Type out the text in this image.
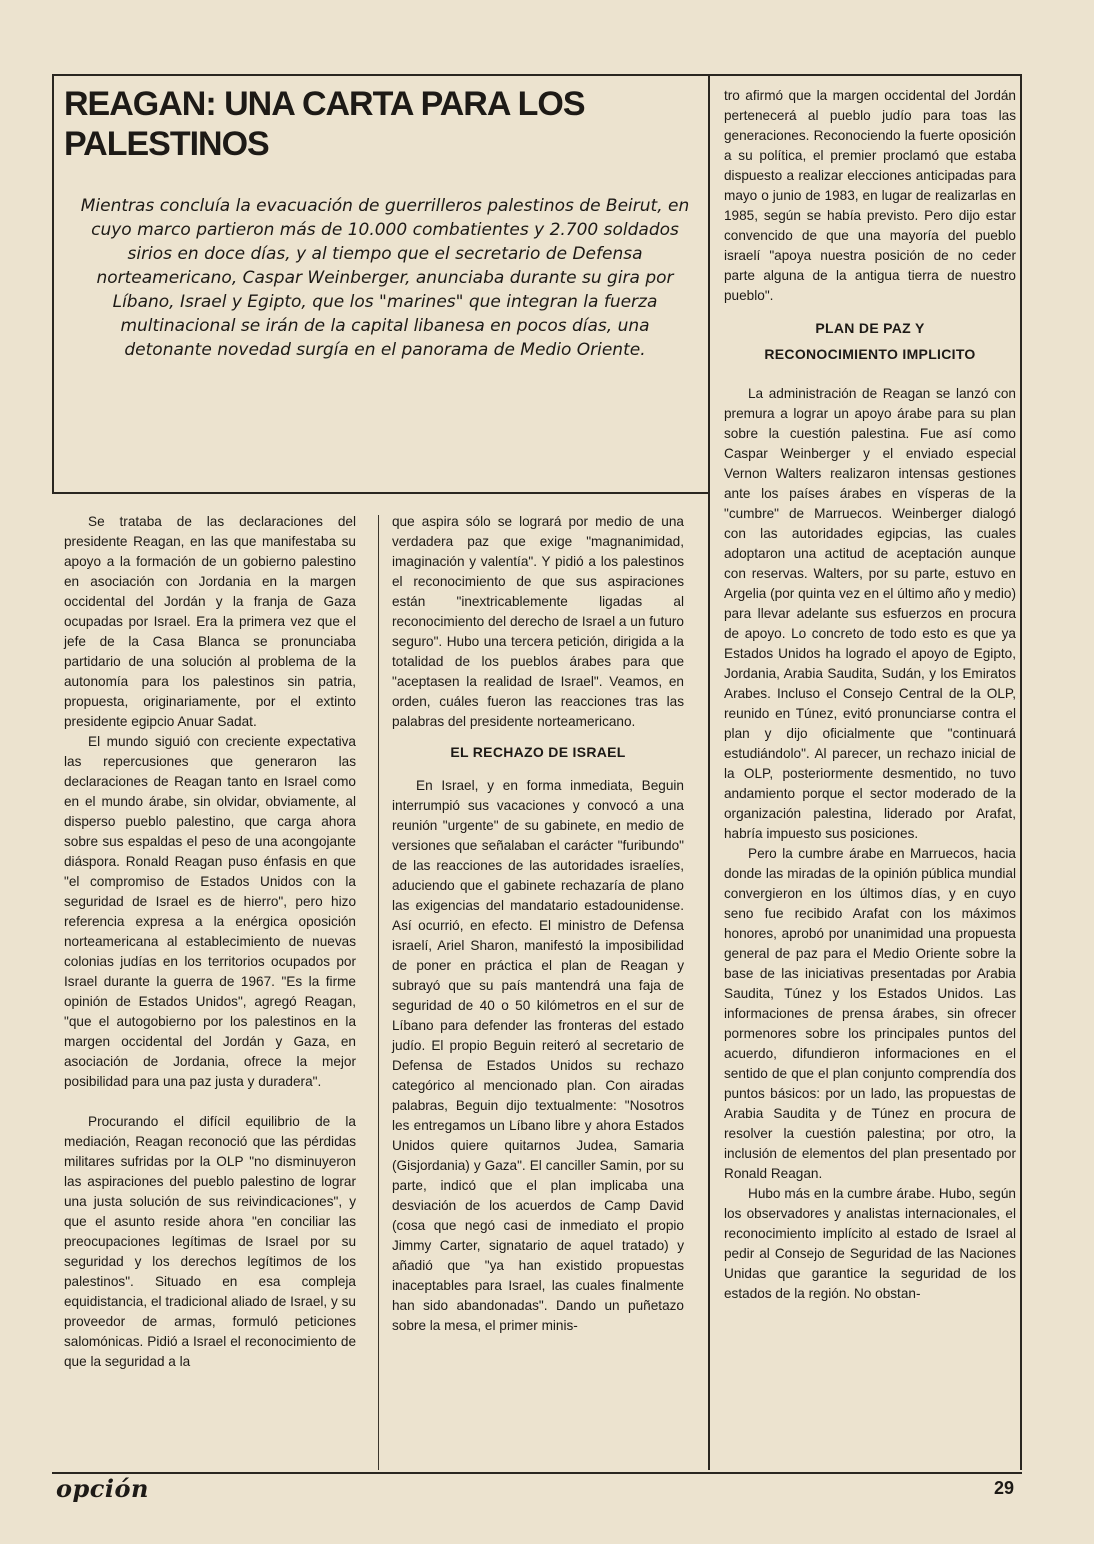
REAGAN: UNA CARTA PARA LOS PALESTINOS

Mientras concluía la evacuación de guerrilleros palestinos de Beirut, en cuyo marco partieron más de 10.000 combatientes y 2.700 soldados sirios en doce días, y al tiempo que el secretario de Defensa norteamericano, Caspar Weinberger, anunciaba durante su gira por Líbano, Israel y Egipto, que los "marines" que integran la fuerza multinacional se irán de la capital libanesa en pocos días, una detonante novedad surgía en el panorama de Medio Oriente.

Se trataba de las declaraciones del presidente Reagan, en las que manifestaba su apoyo a la formación de un gobierno palestino en asociación con Jordania en la margen occidental del Jordán y la franja de Gaza ocupadas por Israel. Era la primera vez que el jefe de la Casa Blanca se pronunciaba partidario de una solución al problema de la autonomía para los palestinos sin patria, propuesta, originariamente, por el extinto presidente egipcio Anuar Sadat.

El mundo siguió con creciente expectativa las repercusiones que generaron las declaraciones de Reagan tanto en Israel como en el mundo árabe, sin olvidar, obviamente, al disperso pueblo palestino, que carga ahora sobre sus espaldas el peso de una acongojante diáspora. Ronald Reagan puso énfasis en que "el compromiso de Estados Unidos con la seguridad de Israel es de hierro", pero hizo referencia expresa a la enérgica oposición norteamericana al establecimiento de nuevas colonias judías en los territorios ocupados por Israel durante la guerra de 1967. "Es la firme opinión de Estados Unidos", agregó Reagan, "que el autogobierno por los palestinos en la margen occidental del Jordán y Gaza, en asociación de Jordania, ofrece la mejor posibilidad para una paz justa y duradera".

Procurando el difícil equilibrio de la mediación, Reagan reconoció que las pérdidas militares sufridas por la OLP "no disminuyeron las aspiraciones del pueblo palestino de lograr una justa solución de sus reivindicaciones", y que el asunto reside ahora "en conciliar las preocupaciones legítimas de Israel por su seguridad y los derechos legítimos de los palestinos". Situado en esa compleja equidistancia, el tradicional aliado de Israel, y su proveedor de armas, formuló peticiones salomónicas. Pidió a Israel el reconocimiento de que la seguridad a la

que aspira sólo se logrará por medio de una verdadera paz que exige "magnanimidad, imaginación y valentía". Y pidió a los palestinos el reconocimiento de que sus aspiraciones están "inextricablemente ligadas al reconocimiento del derecho de Israel a un futuro seguro". Hubo una tercera petición, dirigida a la totalidad de los pueblos árabes para que "aceptasen la realidad de Israel". Veamos, en orden, cuáles fueron las reacciones tras las palabras del presidente norteamericano.

EL RECHAZO DE ISRAEL

En Israel, y en forma inmediata, Beguin interrumpió sus vacaciones y convocó a una reunión "urgente" de su gabinete, en medio de versiones que señalaban el carácter "furibundo" de las reacciones de las autoridades israelíes, aduciendo que el gabinete rechazaría de plano las exigencias del mandatario estadounidense. Así ocurrió, en efecto. El ministro de Defensa israelí, Ariel Sharon, manifestó la imposibilidad de poner en práctica el plan de Reagan y subrayó que su país mantendrá una faja de seguridad de 40 o 50 kilómetros en el sur de Líbano para defender las fronteras del estado judío. El propio Beguin reiteró al secretario de Defensa de Estados Unidos su rechazo categórico al mencionado plan. Con airadas palabras, Beguin dijo textualmente: "Nosotros les entregamos un Líbano libre y ahora Estados Unidos quiere quitarnos Judea, Samaria (Gisjordania) y Gaza". El canciller Samin, por su parte, indicó que el plan implicaba una desviación de los acuerdos de Camp David (cosa que negó casi de inmediato el propio Jimmy Carter, signatario de aquel tratado) y añadió que "ya han existido propuestas inaceptables para Israel, las cuales finalmente han sido abandonadas". Dando un puñetazo sobre la mesa, el primer minis-

tro afirmó que la margen occidental del Jordán pertenecerá al pueblo judío para toas las generaciones. Reconociendo la fuerte oposición a su política, el premier proclamó que estaba dispuesto a realizar elecciones anticipadas para mayo o junio de 1983, en lugar de realizarlas en 1985, según se había previsto. Pero dijo estar convencido de que una mayoría del pueblo israelí "apoya nuestra posición de no ceder parte alguna de la antigua tierra de nuestro pueblo".

PLAN DE PAZ Y
RECONOCIMIENTO IMPLICITO

La administración de Reagan se lanzó con premura a lograr un apoyo árabe para su plan sobre la cuestión palestina. Fue así como Caspar Weinberger y el enviado especial Vernon Walters realizaron intensas gestiones ante los países árabes en vísperas de la "cumbre" de Marruecos. Weinberger dialogó con las autoridades egipcias, las cuales adoptaron una actitud de aceptación aunque con reservas. Walters, por su parte, estuvo en Argelia (por quinta vez en el último año y medio) para llevar adelante sus esfuerzos en procura de apoyo. Lo concreto de todo esto es que ya Estados Unidos ha logrado el apoyo de Egipto, Jordania, Arabia Saudita, Sudán, y los Emiratos Arabes. Incluso el Consejo Central de la OLP, reunido en Túnez, evitó pronunciarse contra el plan y dijo oficialmente que "continuará estudiándolo". Al parecer, un rechazo inicial de la OLP, posteriormente desmentido, no tuvo andamiento porque el sector moderado de la organización palestina, liderado por Arafat, habría impuesto sus posiciones.

Pero la cumbre árabe en Marruecos, hacia donde las miradas de la opinión pública mundial convergieron en los últimos días, y en cuyo seno fue recibido Arafat con los máximos honores, aprobó por unanimidad una propuesta general de paz para el Medio Oriente sobre la base de las iniciativas presentadas por Arabia Saudita, Túnez y los Estados Unidos. Las informaciones de prensa árabes, sin ofrecer pormenores sobre los principales puntos del acuerdo, difundieron informaciones en el sentido de que el plan conjunto comprendía dos puntos básicos: por un lado, las propuestas de Arabia Saudita y de Túnez en procura de resolver la cuestión palestina; por otro, la inclusión de elementos del plan presentado por Ronald Reagan.

Hubo más en la cumbre árabe. Hubo, según los observadores y analistas internacionales, el reconocimiento implícito al estado de Israel al pedir al Consejo de Seguridad de las Naciones Unidas que garantice la seguridad de los estados de la región. No obstan-

opción	29
